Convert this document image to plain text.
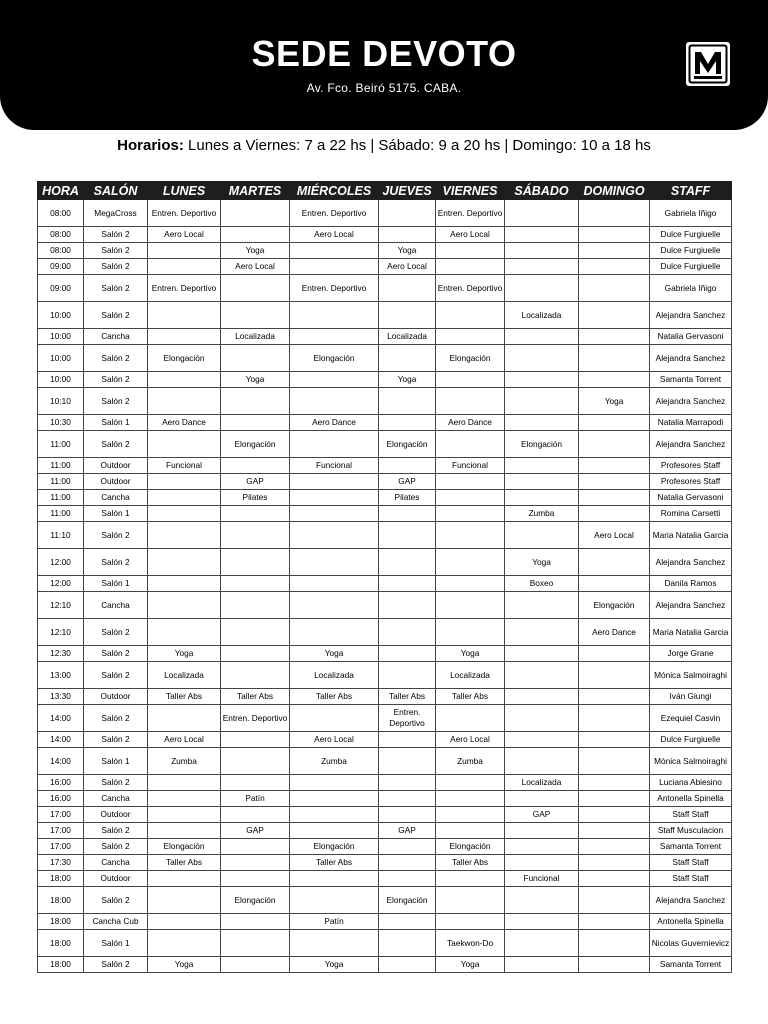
SEDE DEVOTO
Av. Fco. Beiró 5175. CABA.
Horarios: Lunes a Viernes: 7 a 22 hs | Sábado: 9 a 20 hs | Domingo: 10 a 18 hs
HORA	SALÓN	LUNES	MARTES	MIÉRCOLES	JUEVES	VIERNES	SÁBADO	DOMINGO	STAFF
08:00	MegaCross	Entren. Deportivo		Entren. Deportivo		Entren. Deportivo			Gabriela Iñigo
08:00	Salón 2	Aero Local		Aero Local		Aero Local			Dulce Furgiuelle
08:00	Salón 2		Yoga		Yoga				Dulce Furgiuelle
09:00	Salón 2		Aero Local		Aero Local				Dulce Furgiuelle
09:00	Salón 2	Entren. Deportivo		Entren. Deportivo		Entren. Deportivo			Gabriela Iñigo
10:00	Salón 2						Localizada		Alejandra Sanchez
10:00	Cancha		Localizada		Localizada				Natalia Gervasoni
10:00	Salón 2	Elongación		Elongación		Elongación			Alejandra Sanchez
10:00	Salón 2		Yoga		Yoga				Samanta Torrent
10:10	Salón 2							Yoga	Alejandra Sanchez
10:30	Salón 1	Aero Dance		Aero Dance		Aero Dance			Natalia Marrapodi
11:00	Salón 2		Elongación		Elongación		Elongación		Alejandra Sanchez
11:00	Outdoor	Funcional		Funcional		Funcional			Profesores Staff
11:00	Outdoor		GAP		GAP				Profesores Staff
11:00	Cancha		Pilates		Pilates				Natalia Gervasoni
11:00	Salón 1						Zumba		Romina Carsetti
11:10	Salón 2							Aero Local	Maria Natalia Garcia
12:00	Salón 2						Yoga		Alejandra Sanchez
12:00	Salón 1						Boxeo		Danila Ramos
12:10	Cancha							Elongación	Alejandra Sanchez
12:10	Salón 2							Aero Dance	Maria Natalia Garcia
12:30	Salón 2	Yoga		Yoga		Yoga			Jorge Grane
13:00	Salón 2	Localizada		Localizada		Localizada			Mónica Salmoiraghi
13:30	Outdoor	Taller Abs	Taller Abs	Taller Abs	Taller Abs	Taller Abs			Iván Giungi
14:00	Salón 2		Entren. Deportivo		Entren. Deportivo				Ezequiel Casvin
14:00	Salón 2	Aero Local		Aero Local		Aero Local			Dulce Furgiuelle
14:00	Salón 1	Zumba		Zumba		Zumba			Mónica Salmoiraghi
16:00	Salón 2						Localizada		Luciana Abiesino
16:00	Cancha		Patín						Antonella Spinella
17:00	Outdoor						GAP		Staff Staff
17:00	Salón 2		GAP		GAP				Staff Musculacion
17:00	Salón 2	Elongación		Elongación		Elongación			Samanta Torrent
17:30	Cancha	Taller Abs		Taller Abs		Taller Abs			Staff Staff
18:00	Outdoor						Funcional		Staff Staff
18:00	Salón 2		Elongación		Elongación				Alejandra Sanchez
18:00	Cancha Cub			Patín					Antonella Spinella
18:00	Salón 1					Taekwon-Do			Nicolas Guvernievicz
18:00	Salón 2	Yoga		Yoga		Yoga			Samanta Torrent
